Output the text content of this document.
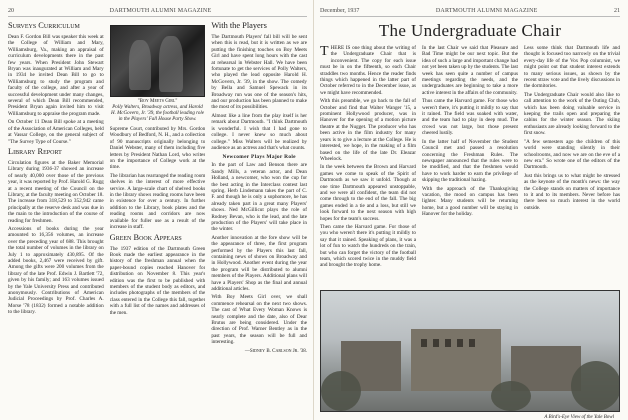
20	DARTMOUTH ALUMNI MAGAZINE
Surveys Curriculum

Dean F. Gordon Bill was speaker this week at the College of William and Mary, Williamsburg, Va., making an appraisal of curriculum developments there in the past few years. When President John Stewart Bryan was inaugurated at William and Mary in 1934 he invited Dean Bill to go to Williamsburg to study the program and faculty of the college, and after a year of successful development under many changes, several of which Dean Bill recommended, President Bryan again invited him to visit Williamsburg to appraise the program made.

On October 11 Dean Bill spoke at a meeting of the Association of American Colleges, held at Vassar College, on the general subject of "The Survey Type of Course."

Library Report

Circulation figures at the Baker Memorial Library during 1936-37 showed an increase of nearly 40,000 over those of the previous year, it was reported by Prof. Harold G. Rugg at a recent meeting of the Council on the Library, at the faculty meeting on October 18. The increase from 318,529 to 352,942 came principally at the reserve desk and was due in the main to the introduction of the course of reading for freshmen.

Accessions of books during the year amounted to 16,356 volumes, an increase over the preceding year of 688. This brought the total number of volumes in the library on July 1 to approximately 430,895. Of the added books, 2,467 were received by gift. Among the gifts were 200 volumes from the library of the late Prof. Edwin J. Bartlett '72, given by his family; and 163 volumes issued by the Yale University Press and contributed anonymously. Contributions of American Judicial Proceedings by Prof. Charles A. Morse '78 (1832) formed a notable addition to the library.

"Boy Meets Girl"
Polly Walters, Broadway actress, and Harold H. McGovern, Jr. '39, the football leading role in the Players' Fall House Party Show.

Supreme Court, contributed by Mrs. Gordon Woodbury of Bedford, N. H., and a collection of 90 manuscripts originally belonging to Daniel Webster, many of them including five letters by President Nathan Lord, who writes on the importance of College work at the time.

The librarian has rearranged the reading room shelves in the interest of more effective service. A large-scale chart of shelved books in the library shows reading rooms have been in existence for over a century. In further addition to the Library, book plates and the reading rooms and corridors are now available for fuller use as a result of the increase in staff.

Green Book Appears

The 1937 edition of the Dartmouth Green Book made the earliest appearance in the history of the freshman annual when the paper-bound copies reached Hanover for distribution on November 8. This year's edition was the first to be published with members of the student body as editors, and includes photographs of the members of the class entered in the College this fall, together with a full list of the names and addresses of the men.

With the Players

The Dartmouth Players' fall bill will be sent when this is read, but it is written as we are putting the finishing touches on Boy Meets Girl and have spent long hours with the cast at rehearsal in Webster Hall. We have been fortunate to get the services of Polly Walters, who played the lead opposite Harold H. McGovern, Jr. '39, in the show. The comedy by Bella and Samuel Spewack in its Broadway run was one of the season's hits, and our production has been planned to make the most of its possibilities.

Almost like a line from the play itself is her remark about Dartmouth. "I think Dartmouth is wonderful. I wish that I had gone to college. I never knew so much about college." Miss Walters will be realized by audience as an actress and that's what counts.

Newcomer Plays Major Role

In the part of Law and Benson there are Sandy Mills, a veteran actor, and Dean Holland, a newcomer, who won the cup for the best acting in the Interclass contest last spring. Herb Lindemann takes the part of C. F. and though he is only a sophomore, he has already taken part in a great many Players' shows. Ned McGillicut plays the role of Rodney Bevan, who is the lead, and the late production of the Players' will take place in the winter.

Another innovation at the fore show will be the appearance of three, the first program performed by the Players this last fall, containing news of shows on Broadway and in Hollywood. Another event during the year the program will be distributed to alumni members of the Players. Additional plans will have a Players' Shop as the final and annual additional articles.

With Boy Meets Girl over, we shall commence rehearsal on the next two shows. The cast of What Every Woman Knows is nearly complete and the date, also of Dear Brutus are being considered. Under the direction of Prof. Warner Bentley as in the past years, the season will be full and interesting.

—Sidney B. Carlson Jr. '38.
December, 1937	DARTMOUTH ALUMNI MAGAZINE	21
The Undergraduate Chair

THERE IS one thing about the writing of the Undergraduate Chair that is inconvenient. The copy for each issue must be in on the fifteenth, so each Chair straddles two months. Hence the reader finds things which happened in the latter part of October referred to in the December issue, as we might have recommended.

With this preamble, we go back to the fall of October and find that Walter Wanger '15, a prominent Hollywood producer, was in Hanover for the opening of a motion picture theatre at the Nugget. The producer who has been active in the film industry for many years is to give a lecture at the College. He is interested, we hope, in the making of a film based on the life of the late Dr. Eleazar Wheelock.

In the week between the Brown and Harvard games we come to speak of the Spirit of Dartmouth as we saw it unfold. Though at one time Dartmouth appeared unstoppable, and we were all confident, the team did not come through to the end of the fall. The big games ended in a tie and a loss, but still we look forward to the next season with high hopes for the team's success.

Then came the Harvard game. For those of you who weren't there it's putting it mildly to say that it rained. Speaking of plans, it was a lot of fun to watch the hundreds on the train, but who can forget the victory of the football team, which scored twice in the muddy field and brought the trophy home.

In the last Chair we said that Pleasure and Bad Time might be our next topic. But the idea of such a large and important change had not yet been taken up by the students. The last week has seen quite a number of campus meetings regarding the needs, and the undergraduates are beginning to take a more active interest in the affairs of the community.

Thus came the Harvard game. For those who weren't there, it's putting it mildly to say that it rained. The field was soaked with water, and the team had to play in deep mud. The crowd was not large, but those present cheered lustily.

In the latter half of November the Student Council met and passed a resolution concerning the Freshman Rules. The newspaper announced that the rules were to be modified, and that the freshmen would have to work harder to earn the privilege of skipping the traditional hazing.

With the approach of the Thanksgiving vacation, the mood on campus has been lighter. Many students will be returning home, but a good number will be staying in Hanover for the holiday.

Less some think that Dartmouth life and thought is focused too narrowly on the trivial every-day life of the Vox Pop columnist, we might point out that student interest extends to many serious issues, as shown by the recent straw vote and the lively discussions in the dormitories.

The Undergraduate Chair would also like to call attention to the work of the Outing Club, which has been doing valuable service in keeping the trails open and preparing the cabins for the winter season. The skiing enthusiasts are already looking forward to the first snow.

"A few semesters ago the children of this world were standing silently in their schoolrooms, and now we are on the eve of a new era." So wrote one of the editors of the Dartmouth.

Just this brings us to what might be stressed as the keynote of the month's news: the way the College stands on matters of importance to it and to its members. Never before has there been so much interest in the world outside.

A Bird's-Eye View of the Yale Bowl
